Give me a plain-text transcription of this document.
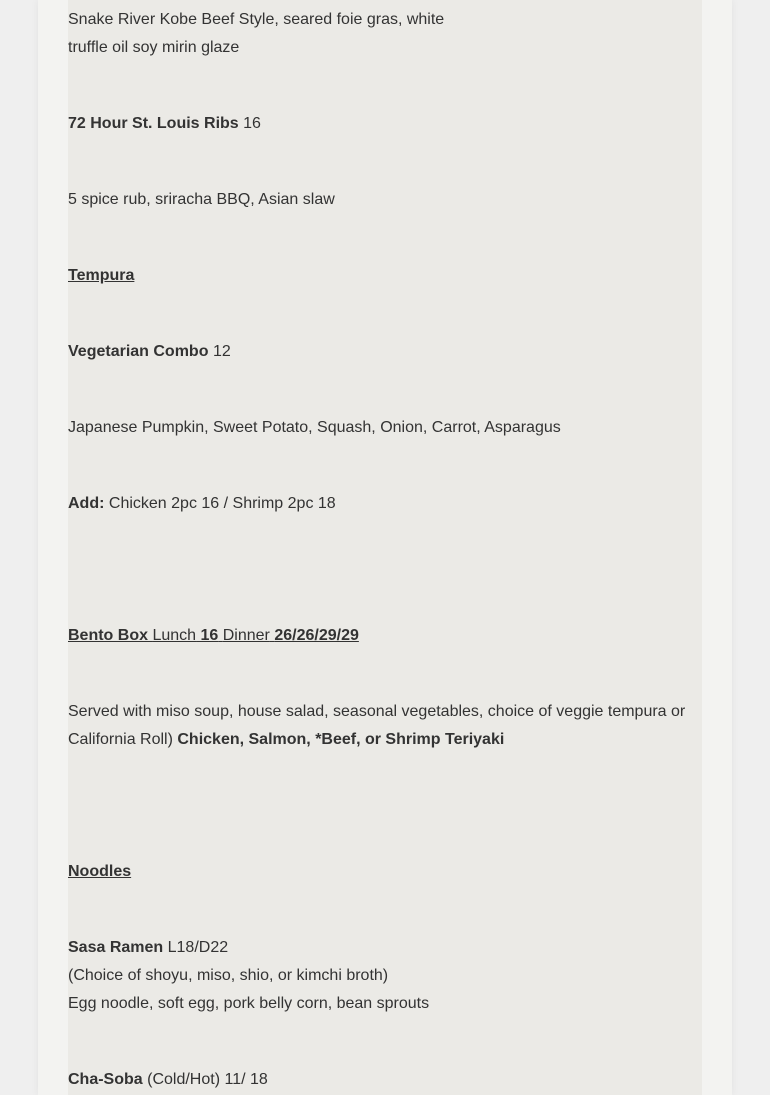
Snake River Kobe Beef Style, seared foie gras, white
truffle oil soy mirin glaze
72 Hour St. Louis Ribs 16
5 spice rub, sriracha BBQ, Asian slaw
Tempura
Vegetarian Combo 12
Japanese Pumpkin, Sweet Potato, Squash, Onion, Carrot, Asparagus
Add: Chicken 2pc 16 / Shrimp 2pc 18
Bento Box Lunch 16 Dinner 26/26/29/29
Served with miso soup, house salad, seasonal vegetables, choice of veggie tempura or California Roll) Chicken, Salmon, *Beef, or Shrimp Teriyaki
Noodles
Sasa Ramen L18/D22
(Choice of shoyu, miso, shio, or kimchi broth)
Egg noodle, soft egg, pork belly corn, bean sprouts
Cha-Soba (Cold/Hot) 11/ 18
